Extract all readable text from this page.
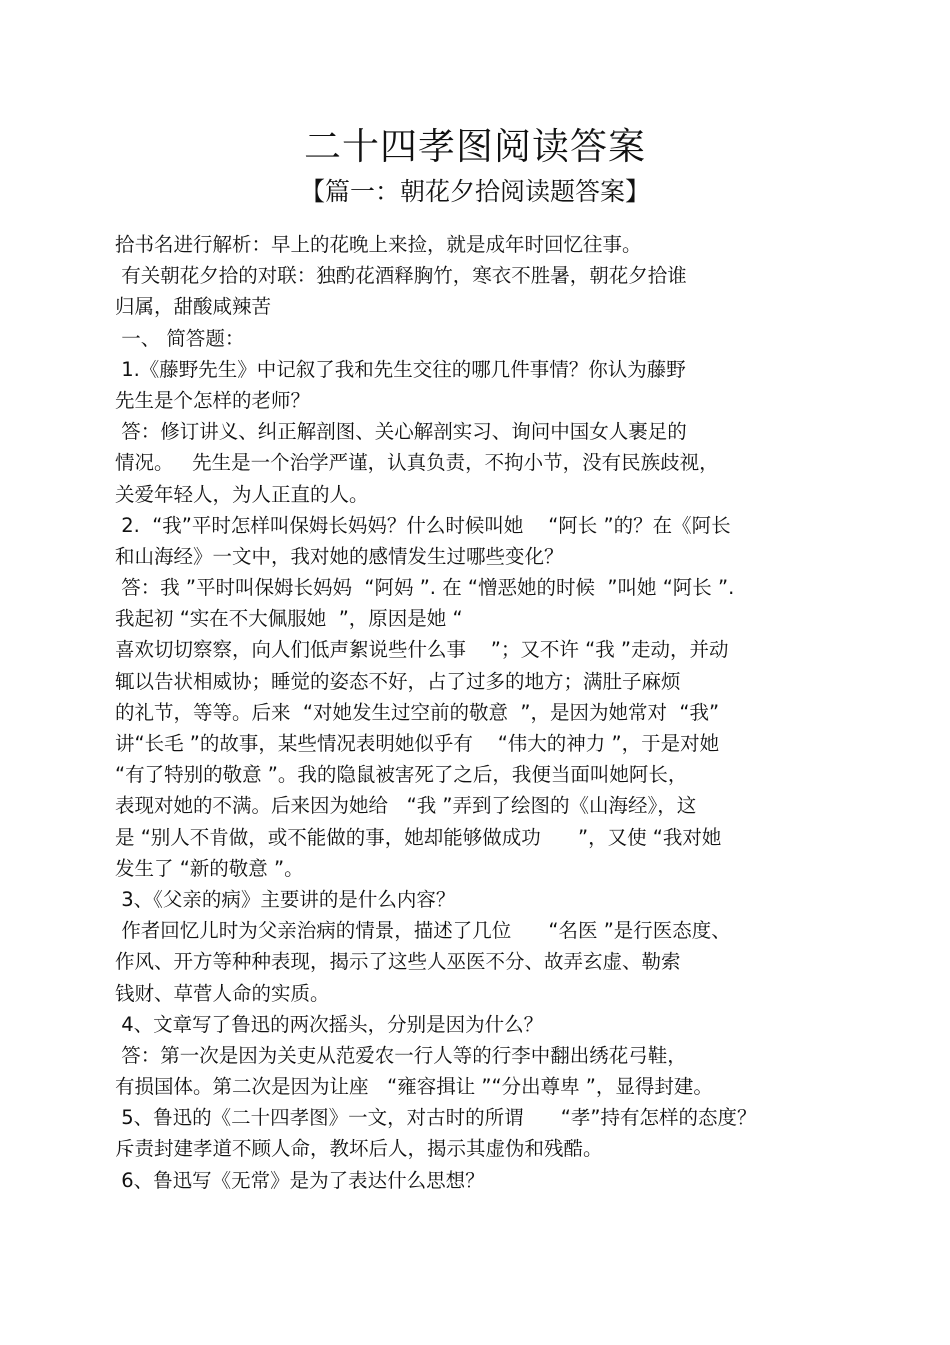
二十四孝图阅读答案
【篇一：朝花夕拾阅读题答案】
拾书名进行解析：早上的花晚上来捡，就是成年时回忆往事。
有关朝花夕拾的对联：独酌花酒释胸竹，寒衣不胜暑，朝花夕拾谁
归属，甜酸咸辣苦
一、 简答题：
1.《藤野先生》中记叙了我和先生交往的哪几件事情？你认为藤野
先生是个怎样的老师？
答：修订讲义、纠正解剖图、关心解剖实习、询问中国女人裹足的
情况。   先生是一个治学严谨，认真负责，不拘小节，没有民族歧视，
关爱年轻人，为人正直的人。
2.  “我”平时怎样叫保姆长妈妈？什么时候叫她    “阿长 ”的？在《阿长
和山海经》一文中，我对她的感情发生过哪些变化？
答：我 ”平时叫保姆长妈妈  “阿妈 ”. 在 “憎恶她的时候  ”叫她 “阿长 ”.
我起初 “实在不大佩服她  ”，原因是她 “
喜欢切切察察，向人们低声絮说些什么事    ”；又不许 “我 ”走动，并动
辄以告状相威协；睡觉的姿态不好，占了过多的地方；满肚子麻烦
的礼节，等等。后来  “对她发生过空前的敬意  ”，是因为她常对  “我”
讲“长毛 ”的故事，某些情况表明她似乎有    “伟大的神力 ”，于是对她
“有了特别的敬意 ”。我的隐鼠被害死了之后，我便当面叫她阿长，
表现对她的不满。后来因为她给   “我 ”弄到了绘图的《山海经》，这
是 “别人不肯做，或不能做的事，她却能够做成功      ”，又使 “我对她
发生了 “新的敬意 ”。
3、《父亲的病》主要讲的是什么内容？
作者回忆儿时为父亲治病的情景，描述了几位      “名医 ”是行医态度、
作风、开方等种种表现，揭示了这些人巫医不分、故弄玄虚、勒索
钱财、草菅人命的实质。
4、文章写了鲁迅的两次摇头，分别是因为什么？
答：第一次是因为关吏从范爱农一行人等的行李中翻出绣花弓鞋，
有损国体。第二次是因为让座   “雍容揖让 ”“分出尊卑 ”，显得封建。
5、鲁迅的《二十四孝图》一文，对古时的所谓      “孝”持有怎样的态度？
斥责封建孝道不顾人命，教坏后人，揭示其虚伪和残酷。
6、鲁迅写《无常》是为了表达什么思想？
